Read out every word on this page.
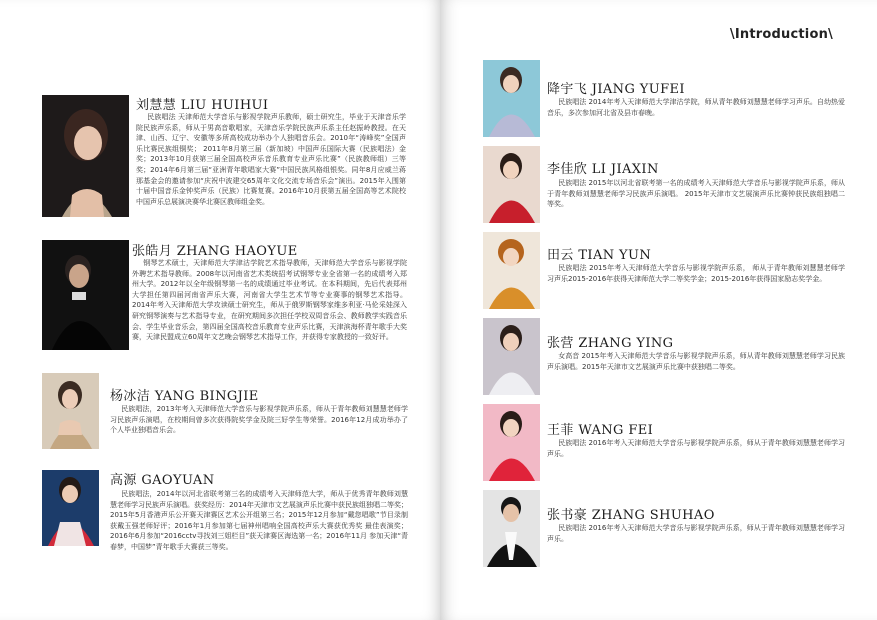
刘慧慧 LIU HUIHUI

民族唱法 天津师范大学音乐与影视学院声乐教师，硕士研究生，毕业于天津音乐学院民族声乐系，师从于男高音歌唱家，天津音乐学院民族声乐系主任赵振岭教授。在天津、山西、辽宁、安徽等多所高校成功举办个人独唱音乐会。2010年“涛峰奖”全国声乐比赛民族组铜奖； 2011年8月第三届（新加坡）中国声乐国际大赛（民族唱法）金奖；2013年10月获第三届全国高校声乐音乐教育专业声乐比赛”（民族教师组）三等奖；2014年6月第三届“亚洲青年歌唱家大赛”中国民族风格组银奖。同年8月应威兰蒋那基金会的邀请参加“庆祝中波建交65周年文化交流专场音乐会”演出。2015年入围第十届中国音乐金钟奖声乐（民族）比赛复赛。2016年10月获第五届全国高等艺术院校中国声乐总展演决赛华北赛区教师组金奖。

张皓月 ZHANG HAOYUE

钢琴艺术硕士，天津师范大学津沽学院艺术指导教师，天津师范大学音乐与影视学院外聘艺术指导教师。2008年以河南省艺术类统招考试钢琴专业全省第一名的成绩考入郑州大学。2012年以全年级钢琴第一名的成绩通过毕业考试。在本科期间，先后代表郑州大学担任第四届河南省声乐大赛，河南省大学生艺术节等专业赛事的钢琴艺术指导。2014年考入天津师范大学攻读硕士研究生，师从于俄罗斯钢琴家维多利亚·马伦采娃深入研究钢琴演奏与艺术指导专业，在研究期间多次担任学校双周音乐会、教师教学实践音乐会、学生毕业音乐会，第四届全国高校音乐教育专业声乐比赛，天津滨海杯青年歌手大奖赛，天津民盟成立60周年文艺晚会钢琴艺术指导工作，并获得专家教授的一致好评。

杨冰洁 YANG BINGJIE

民族唱法，2013年考入天津师范大学音乐与影视学院声乐系，师从于青年教师刘慧慧老师学习民族声乐演唱，在校期间曾多次获得院奖学金及院三好学生等荣誉。2016年12月成功举办了个人毕业独唱音乐会。

高源 GAOYUAN

民族唱法，2014年以河北省联考第三名的成绩考入天津师范大学，师从于优秀青年教师刘慧慧老师学习民族声乐演唱。获奖经历：2014年天津市文艺展演声乐比赛中获民族组独唱二等奖；2015年5月香港声乐公开赛天津赛区艺术公开组第三名；2015年12月参加“戴您唱歌”节目录制获戴玉强老师好评；2016年1月参加第七届神州唱响全国高校声乐大赛获优秀奖 最佳表演奖；2016年6月参加“2016cctv寻找刘三姐栏目”获天津赛区海选第一名；2016年11月 参加天津“青春梦，中国梦”青年歌手大赛获三等奖。

\Introduction\
降宇飞 JIANG YUFEI

民族唱法 2014年考入天津师范大学津沽学院，师从青年教师刘慧慧老师学习声乐。自幼热爱音乐，多次参加河北省及县市春晚。

李佳欣 LI JIAXIN

民族唱法 2015年以河北省联考第一名的成绩考入天津师范大学音乐与影视学院声乐系，师从于青年教师刘慧慧老师学习民族声乐演唱。 2015年天津市文艺展演声乐比赛钟获民族组独唱二等奖。

田云 TIAN YUN

民族唱法 2015年考入天津师范大学音乐与影视学院声乐系， 师从于青年教师刘慧慧老师学习声乐2015-2016年获得天津师范大学二等奖学金；2015-2016年获得国家励志奖学金。

张营 ZHANG YING

女高音 2015年考入天津师范大学音乐与影视学院声乐系，师从青年教师刘慧慧老师学习民族声乐演唱。2015年天津市文艺展演声乐比赛中获独唱二等奖。

王菲 WANG FEI

民族唱法 2016年考入天津师范大学音乐与影视学院声乐系，师从于青年教师刘慧慧老师学习声乐。

张书豪 ZHANG SHUHAO

民族唱法 2016年考入天津师范大学音乐与影视学院声乐系，师从于青年教师刘慧慧老师学习声乐。
